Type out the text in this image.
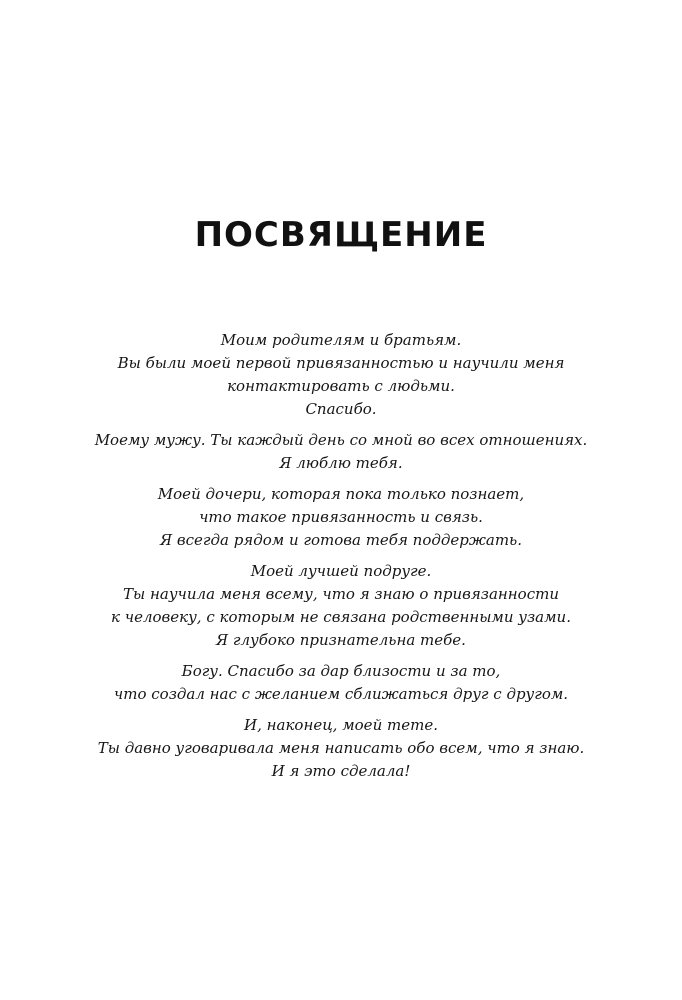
ПОСВЯЩЕНИЕ

Моим родителям и братьям.
Вы были моей первой привязанностью и научили меня
контактировать с людьми.
Спасибо.

Моему мужу. Ты каждый день со мной во всех отношениях.
Я люблю тебя.

Моей дочери, которая пока только познает,
что такое привязанность и связь.
Я всегда рядом и готова тебя поддержать.

Моей лучшей подруге.
Ты научила меня всему, что я знаю о привязанности
к человеку, с которым не связана родственными узами.
Я глубоко признательна тебе.

Богу. Спасибо за дар близости и за то,
что создал нас с желанием сближаться друг с другом.

И, наконец, моей тете.
Ты давно уговаривала меня написать обо всем, что я знаю.
И я это сделала!
